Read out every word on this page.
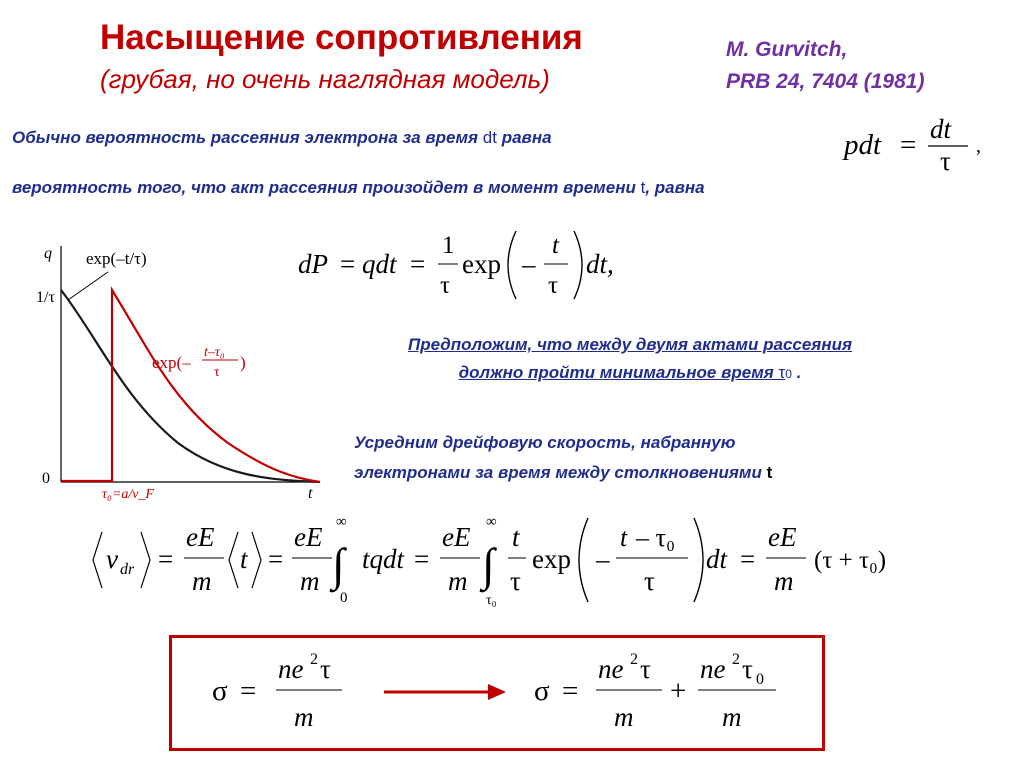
Насыщение сопротивления
(грубая, но очень наглядная модель)
M. Gurvitch,
PRB 24, 7404 (1981)
Обычно вероятность рассеяния электрона за время dt равна	pdt = dt
τ ,
вероятность того, что акт рассеяния произойдет в момент времени t, равна
dP = qdt =
1
τ
exp –
t
τ
dt,
q
1/τ
0
t
exp(–t/τ)
exp(–
t–τ₀
τ
)
τ₀=a/v_F
Предположим, что между двумя актами рассеяния
должно пройти минимальное время τ0 .
Усредним дрейфовую скорость, набранную
электронами за время между столкновениями t
v dr =
eE
m
t =
eE
m
∞
∫
0
tqdt =
eE
m
∞
∫
τ₀
t
τ
exp –
t – τ₀
τ
dt =
eE
m
(τ + τ₀)
σ =
ne 2 τ
m
σ =
ne 2 τ
m
+
ne 2 τ 0
m
